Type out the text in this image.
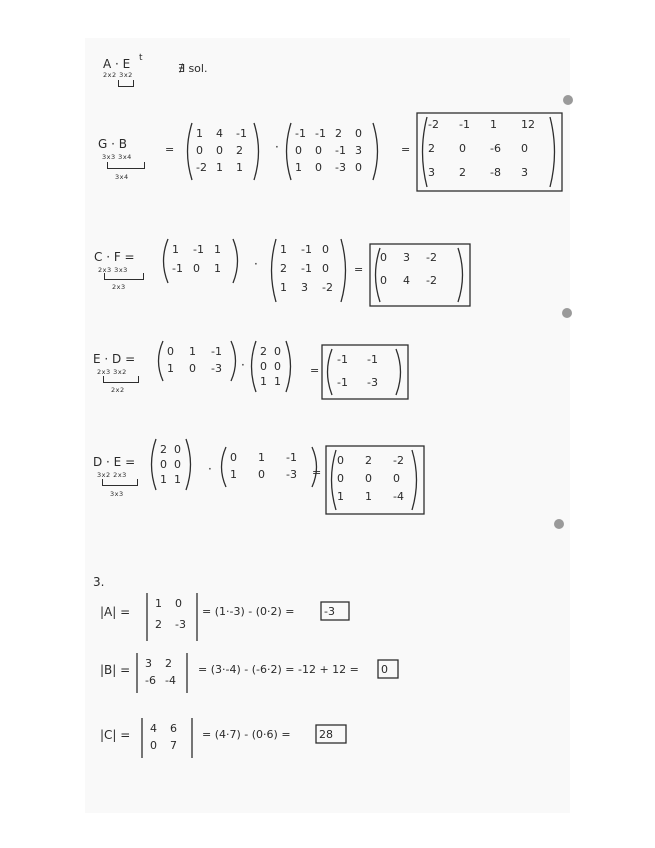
A · E t
2x2 3x2	∄ sol.
3.
G · B
3x3 3x4
3x4
=
1 4 -1
0 0 2
-2 1 1
·
-1 -1 2 0
0 0 -1 3
1 0 -3 0
=
-2 -1 1 12
2 0 -6 0
3 2 -8 3
C · F =
2x3 3x3
2x3
1 -1 1
-1 0 1	·
1 -1 0
2 -1 0
1 3 -2
=
0 3 -2
0 4 -2
E · D =
2x3 3x2
2x2
0 1 -1
1 0 -3 ·
2 0
0 0
1 1
=
-1 -1
-1 -3
D · E =
3x2 2x3
3x3
2 0
0 0
1 1
·
0 1 -1
1 0 -3 =
0 2 -2
0 0 0
1 1 -4
|A| =
1 0
2 -3
= (1·-3) - (0·2) =	-3
|B| = 3 2
-6 -4
= (3·-4) - (-6·2) = -12 + 12 = 0
|C| = 4 6
0 7
= (4·7) - (0·6) =	28
